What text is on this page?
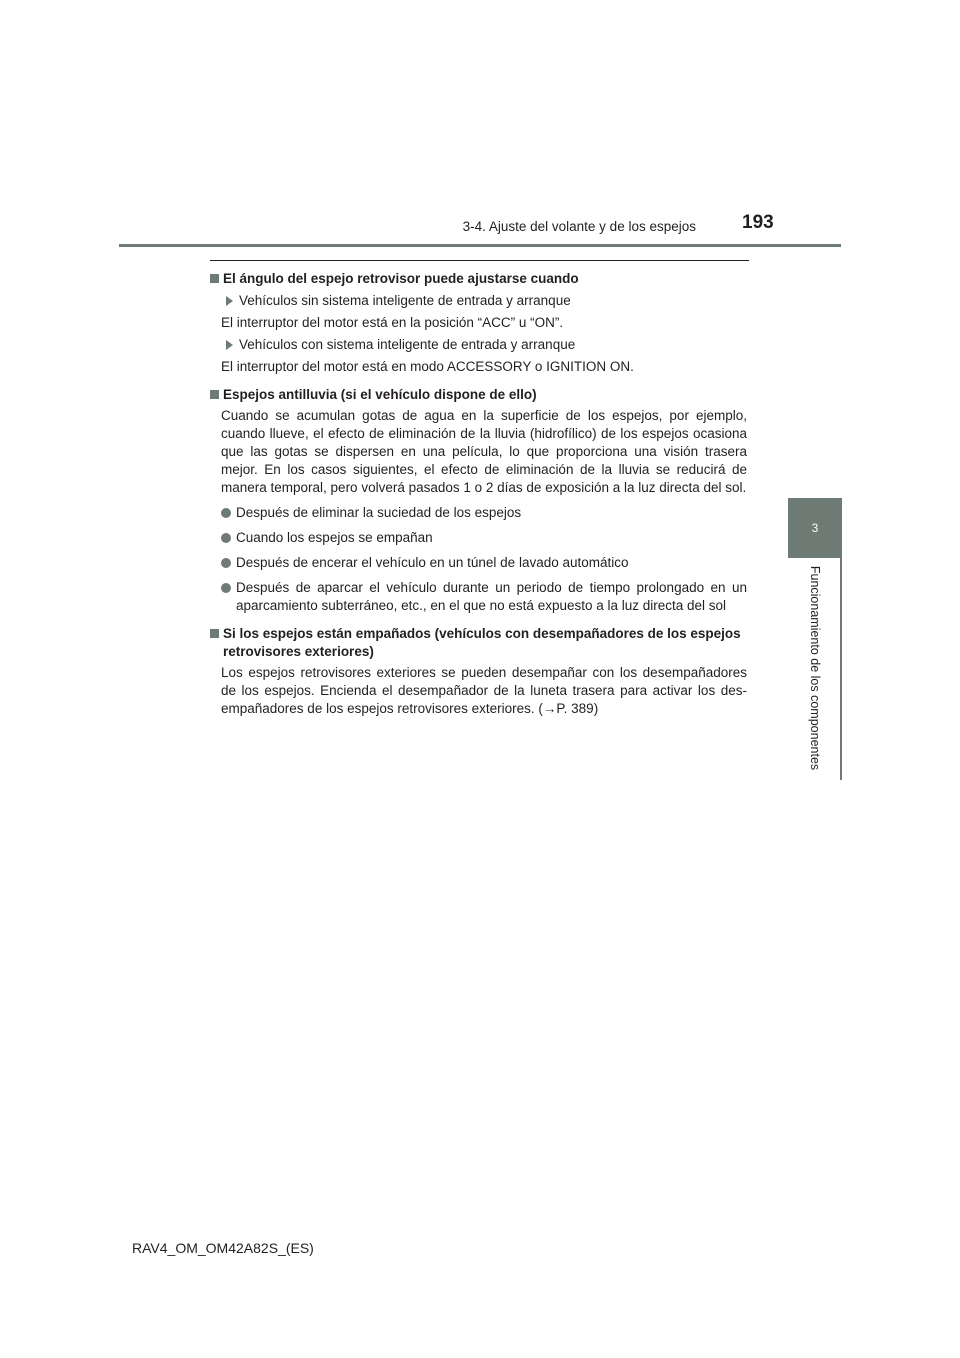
3-4. Ajuste del volante y de los espejos 193
3
Funcionamiento de los componentes
El ángulo del espejo retrovisor puede ajustarse cuando
Vehículos sin sistema inteligente de entrada y arranque
El interruptor del motor está en la posición “ACC” u “ON”.
Vehículos con sistema inteligente de entrada y arranque
El interruptor del motor está en modo ACCESSORY o IGNITION ON.
Espejos antilluvia (si el vehículo dispone de ello)
Cuando se acumulan gotas de agua en la superficie de los espejos, por ejemplo, cuando llueve, el efecto de eliminación de la lluvia (hidrofílico) de los espejos ocasiona que las gotas se dispersen en una película, lo que proporciona una visión trasera mejor. En los casos siguientes, el efecto de eliminación de la lluvia se reducirá de manera temporal, pero volverá pasados 1 o 2 días de exposición a la luz directa del sol.
Después de eliminar la suciedad de los espejos
Cuando los espejos se empañan
Después de encerar el vehículo en un túnel de lavado automático
Después de aparcar el vehículo durante un periodo de tiempo prolongado en un aparcamiento subterráneo, etc., en el que no está expuesto a la luz directa del sol
Si los espejos están empañados (vehículos con desempañadores de los espejos retrovisores exteriores)
Los espejos retrovisores exteriores se pueden desempañar con los desempañadores de los espejos. Encienda el desempañador de la luneta trasera para activar los des-empañadores de los espejos retrovisores exteriores. (→P. 389)
RAV4_OM_OM42A82S_(ES)
